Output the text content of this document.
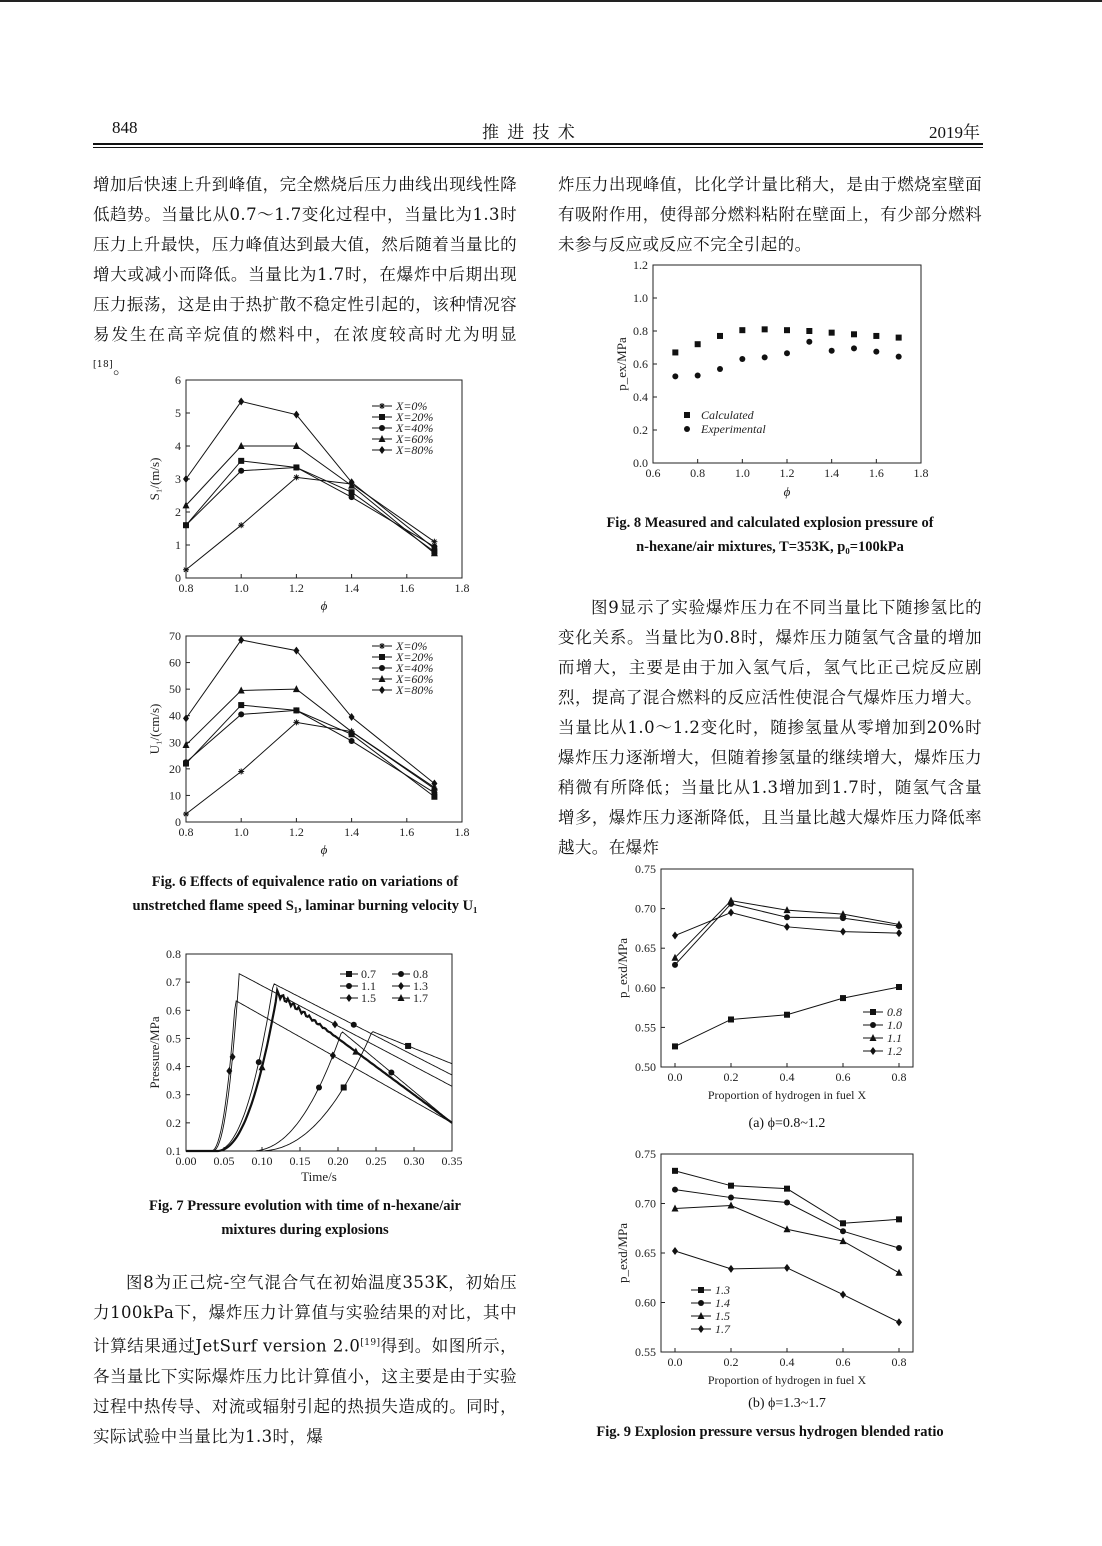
848	推 进 技 术	2019年

增加后快速上升到峰值，完全燃烧后压力曲线出现线性降低趋势。当量比从0.7～1.7变化过程中，当量比为1.3时压力上升最快，压力峰值达到最大值，然后随着当量比的增大或减小而降低。当量比为1.7时，在爆炸中后期出现压力振荡，这是由于热扩散不稳定性引起的，该种情况容易发生在高辛烷值的燃料中，在浓度较高时尤为明显[18]。

0.8	1.0	1.2	1.4	1.6	1.8
0
1
2
3
4
5
6
ϕ
S₁/(m/s)
X=0%
X=20%
X=40%
X=60%
X=80%
0.8	1.0	1.2	1.4	1.6	1.8
0
10
20
30
40
50
60
70
ϕ
U₁/(cm/s)
X=0%
X=20%
X=40%
X=60%
X=80%
Fig. 6 Effects of equivalence ratio on variations of
unstretched flame speed S₁, laminar burning velocity U₁
0.00 0.05 0.10 0.15 0.20 0.25 0.30 0.35
0.1
0.2
0.3
0.4
0.5
0.6
0.7
0.8
Time/s
Pressure/MPa
0.7
1.1
1.5
0.8
1.3
1.7
Fig. 7 Pressure evolution with time of n-hexane/air
mixtures during explosions

图8为正己烷-空气混合气在初始温度353K，初始压力100kPa下，爆炸压力计算值与实验结果的对比，其中计算结果通过JetSurf version 2.0[19]得到。如图所示，各当量比下实际爆炸压力比计算值小，这主要是由于实验过程中热传导、对流或辐射引起的热损失造成的。同时，实际试验中当量比为1.3时，爆

炸压力出现峰值，比化学计量比稍大，是由于燃烧室壁面有吸附作用，使得部分燃料粘附在壁面上，有少部分燃料未参与反应或反应不完全引起的。

0.6 0.8 1.0 1.2 1.4 1.6 1.8
0.0
0.2
0.4
0.6
0.8
1.0
1.2
ϕ
p_ex/MPa
Calculated
Experimental
Fig. 8 Measured and calculated explosion pressure of
n-hexane/air mixtures, T=353K, p₀=100kPa

图9显示了实验爆炸压力在不同当量比下随掺氢比的变化关系。当量比为0.8时，爆炸压力随氢气含量的增加而增大，主要是由于加入氢气后，氢气比正己烷反应剧烈，提高了混合燃料的反应活性使混合气爆炸压力增大。当量比从1.0～1.2变化时，随掺氢量从零增加到20%时爆炸压力逐渐增大，但随着掺氢量的继续增大，爆炸压力稍微有所降低；当量比从1.3增加到1.7时，随氢气含量增多，爆炸压力逐渐降低，且当量比越大爆炸压力降低率越大。在爆炸

0.0	0.2	0.4	0.6	0.8
0.50
0.55
0.60
0.65
0.70
0.75
Proportion of hydrogen in fuel X
p_exd/MPa
0.8
1.0
1.1
1.2
(a) ϕ=0.8~1.2
0.0	0.2	0.4	0.6	0.8
0.55
0.60
0.65
0.70
0.75
Proportion of hydrogen in fuel X
p_exd/MPa
1.3
1.4
1.5
1.7
(b) ϕ=1.3~1.7
Fig. 9 Explosion pressure versus hydrogen blended ratio
